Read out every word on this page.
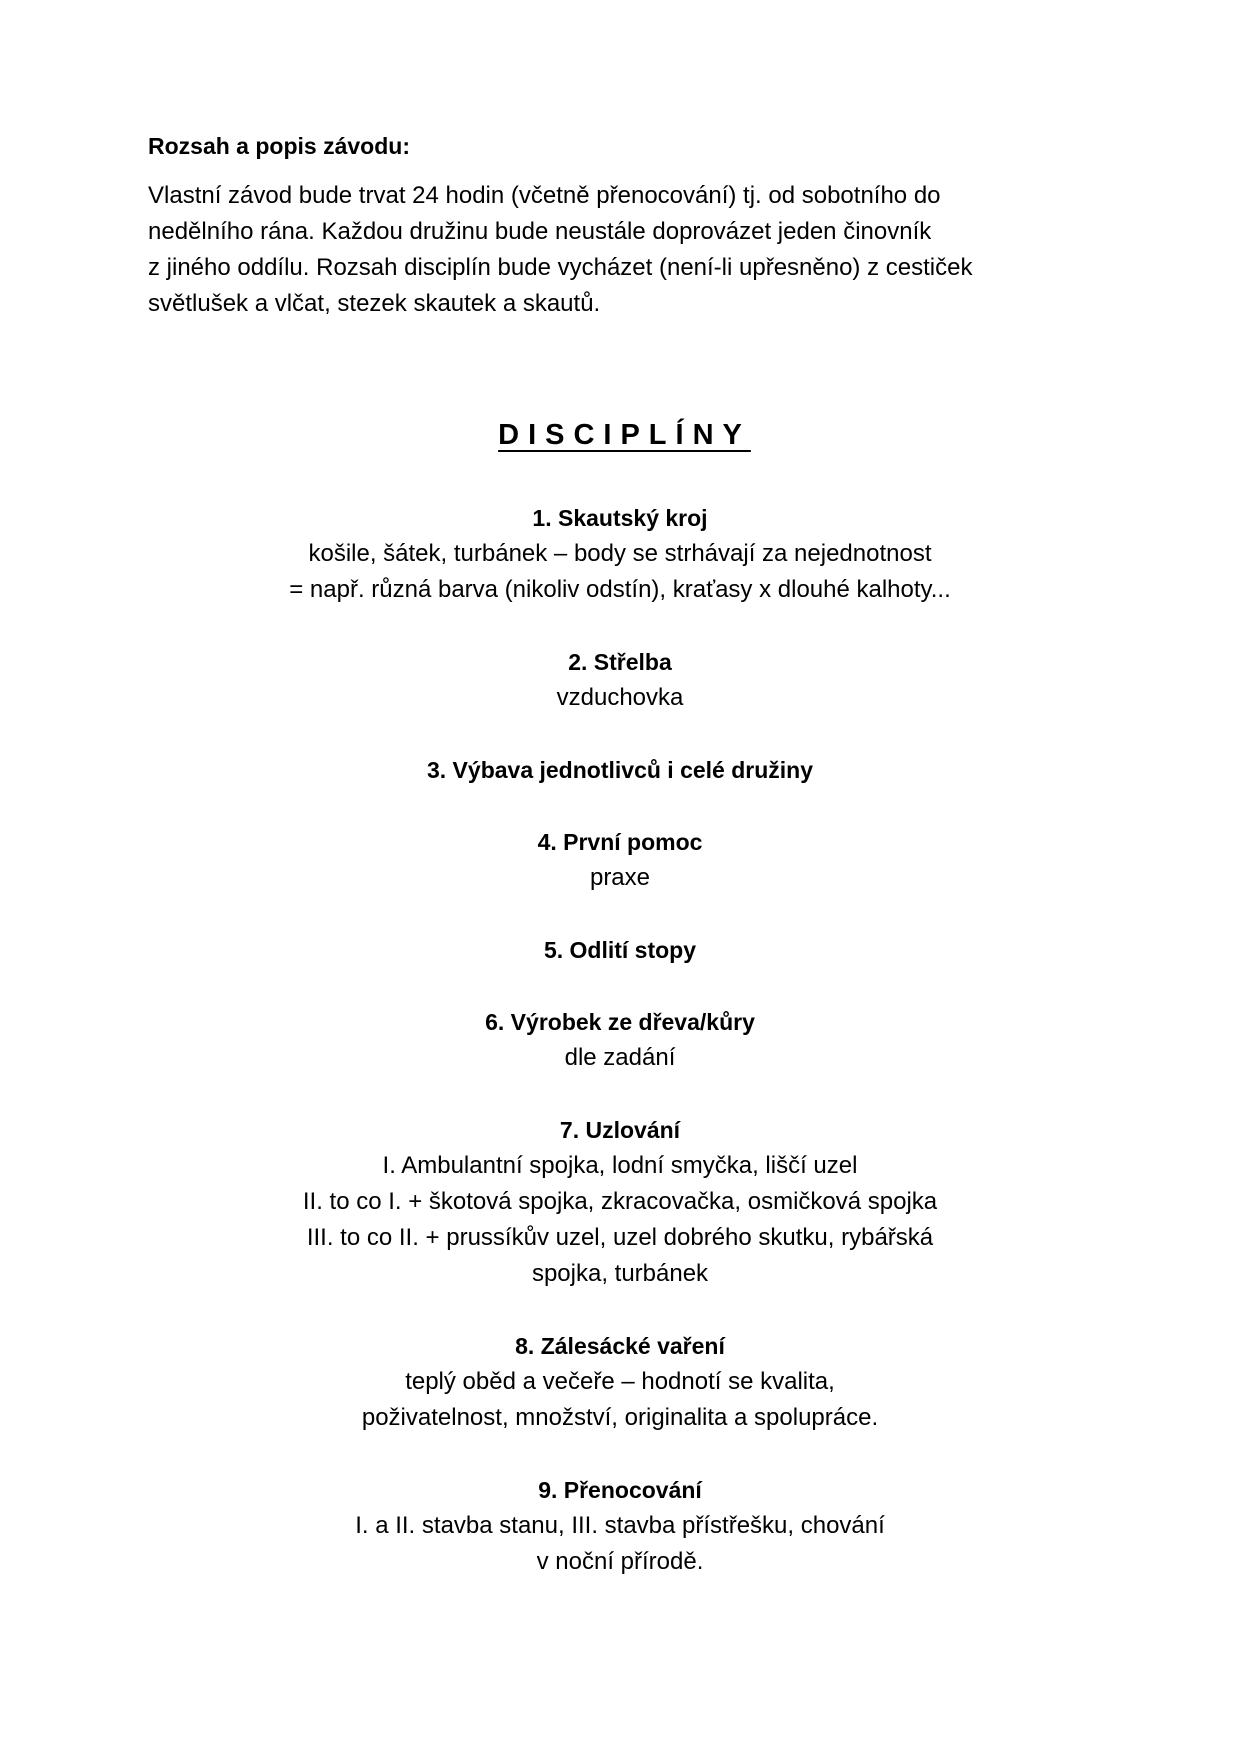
Rozsah a popis závodu:

Vlastní závod bude trvat 24 hodin (včetně přenocování) tj. od sobotního do
nedělního rána. Každou družinu bude neustále doprovázet jeden činovník
z jiného oddílu. Rozsah disciplín bude vycházet (není-li upřesněno) z cestiček
světlušek a vlčat, stezek skautek a skautů.

DISCIPLÍNY
1. Skautský kroj
košile, šátek, turbánek – body se strhávají za nejednotnost
= např. různá barva (nikoliv odstín), kraťasy x dlouhé kalhoty...
2. Střelba
vzduchovka
3. Výbava jednotlivců i celé družiny
4. První pomoc
praxe
5. Odlití stopy
6. Výrobek ze dřeva/kůry
dle zadání
7. Uzlování
I. Ambulantní spojka, lodní smyčka, liščí uzel
II. to co I. + škotová spojka, zkracovačka, osmičková spojka
III. to co II. + prussíkův uzel, uzel dobrého skutku, rybářská
spojka, turbánek
8. Zálesácké vaření
teplý oběd a večeře – hodnotí se kvalita,
poživatelnost, množství, originalita a spolupráce.
9. Přenocování
I. a II. stavba stanu, III. stavba přístřešku, chování
v noční přírodě.
